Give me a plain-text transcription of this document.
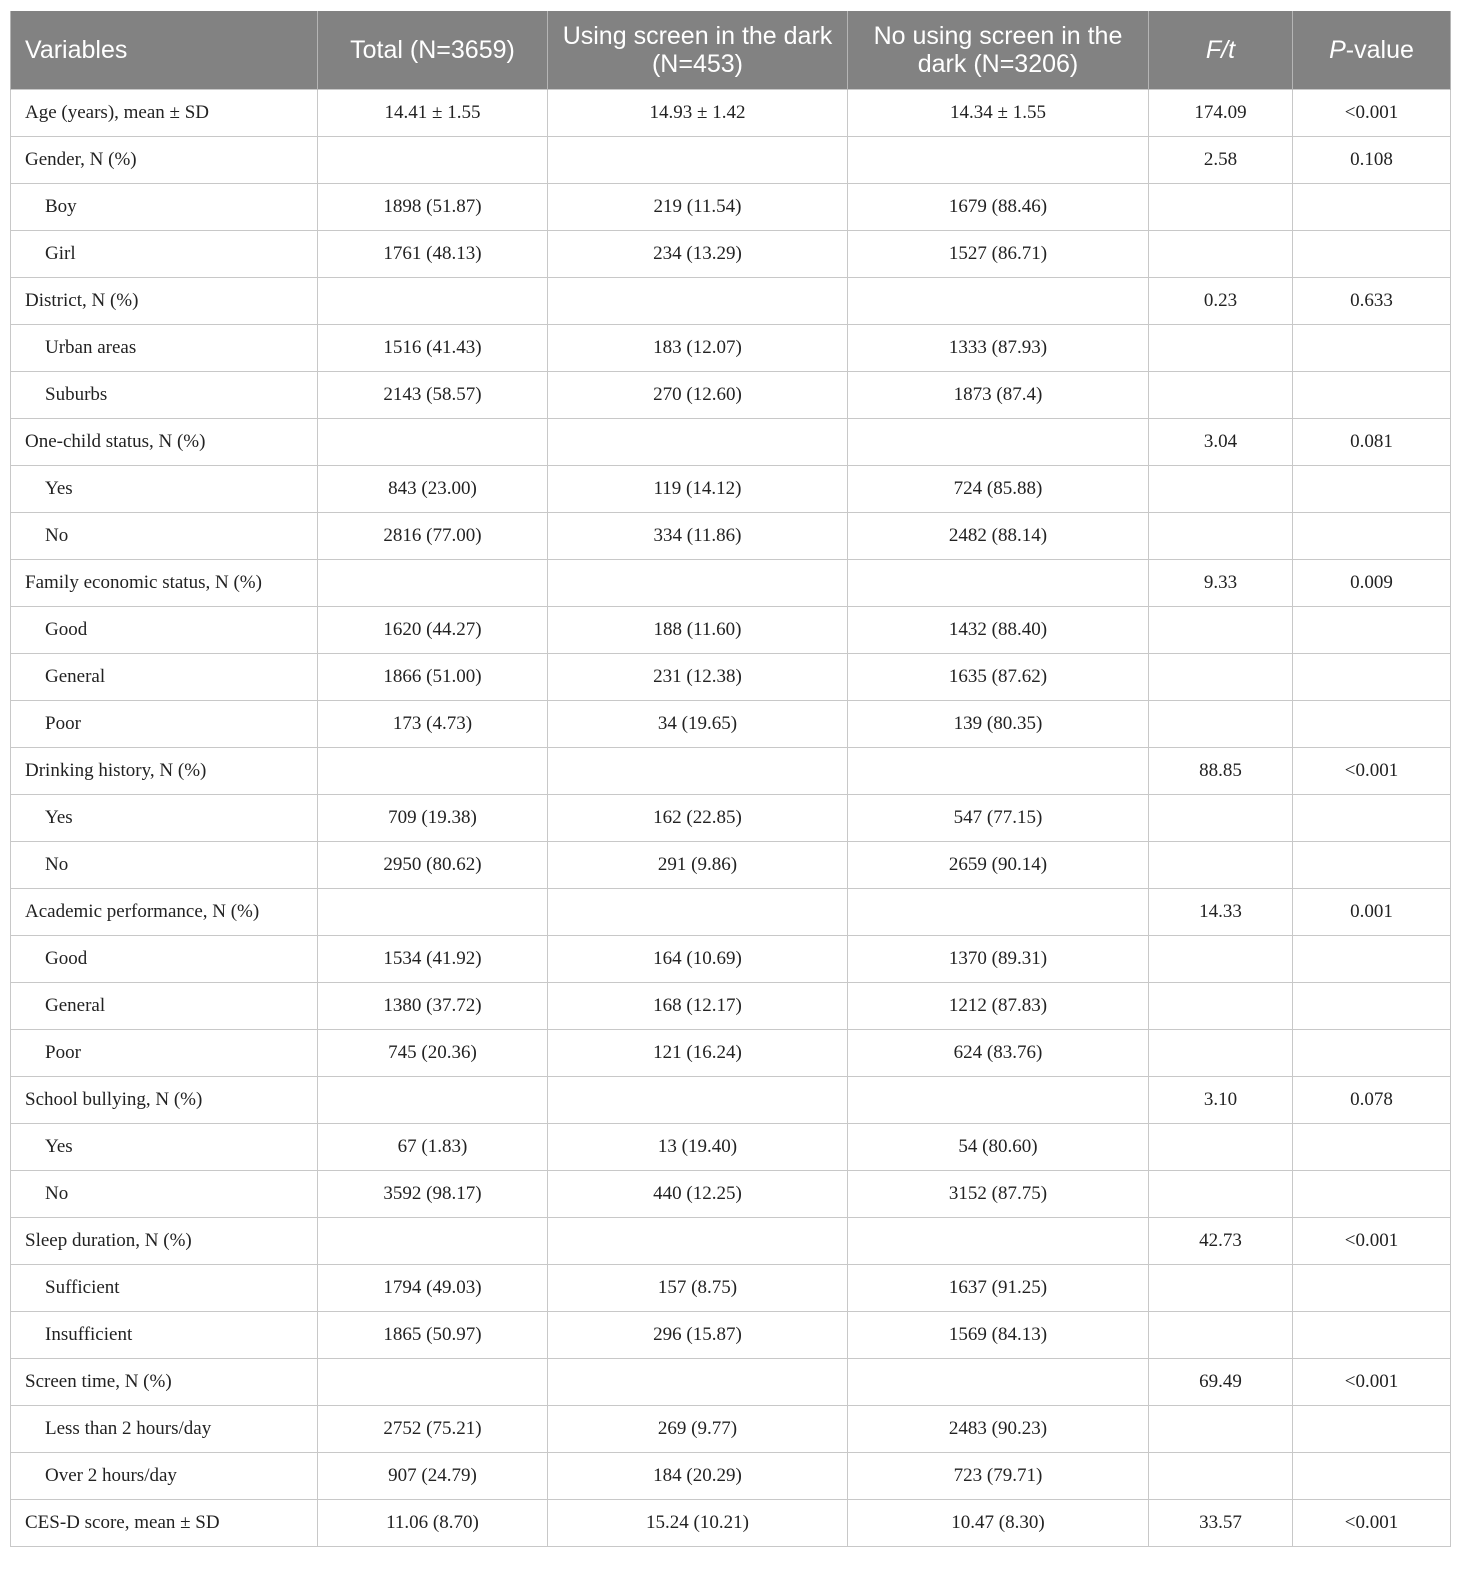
Variables	Total (N=3659)	Using screen in the dark (N=453)	No using screen in the dark (N=3206)	F/t	P-value
Age (years), mean ± SD	14.41 ± 1.55	14.93 ± 1.42	14.34 ± 1.55	174.09	<0.001
Gender, N (%)				2.58	0.108
Boy	1898 (51.87)	219 (11.54)	1679 (88.46)		
Girl	1761 (48.13)	234 (13.29)	1527 (86.71)		
District, N (%)				0.23	0.633
Urban areas	1516 (41.43)	183 (12.07)	1333 (87.93)		
Suburbs	2143 (58.57)	270 (12.60)	1873 (87.4)		
One-child status, N (%)				3.04	0.081
Yes	843 (23.00)	119 (14.12)	724 (85.88)		
No	2816 (77.00)	334 (11.86)	2482 (88.14)		
Family economic status, N (%)				9.33	0.009
Good	1620 (44.27)	188 (11.60)	1432 (88.40)		
General	1866 (51.00)	231 (12.38)	1635 (87.62)		
Poor	173 (4.73)	34 (19.65)	139 (80.35)		
Drinking history, N (%)				88.85	<0.001
Yes	709 (19.38)	162 (22.85)	547 (77.15)		
No	2950 (80.62)	291 (9.86)	2659 (90.14)		
Academic performance, N (%)				14.33	0.001
Good	1534 (41.92)	164 (10.69)	1370 (89.31)		
General	1380 (37.72)	168 (12.17)	1212 (87.83)		
Poor	745 (20.36)	121 (16.24)	624 (83.76)		
School bullying, N (%)				3.10	0.078
Yes	67 (1.83)	13 (19.40)	54 (80.60)		
No	3592 (98.17)	440 (12.25)	3152 (87.75)		
Sleep duration, N (%)				42.73	<0.001
Sufficient	1794 (49.03)	157 (8.75)	1637 (91.25)		
Insufficient	1865 (50.97)	296 (15.87)	1569 (84.13)		
Screen time, N (%)				69.49	<0.001
Less than 2 hours/day	2752 (75.21)	269 (9.77)	2483 (90.23)		
Over 2 hours/day	907 (24.79)	184 (20.29)	723 (79.71)		
CES-D score, mean ± SD	11.06 (8.70)	15.24 (10.21)	10.47 (8.30)	33.57	<0.001
